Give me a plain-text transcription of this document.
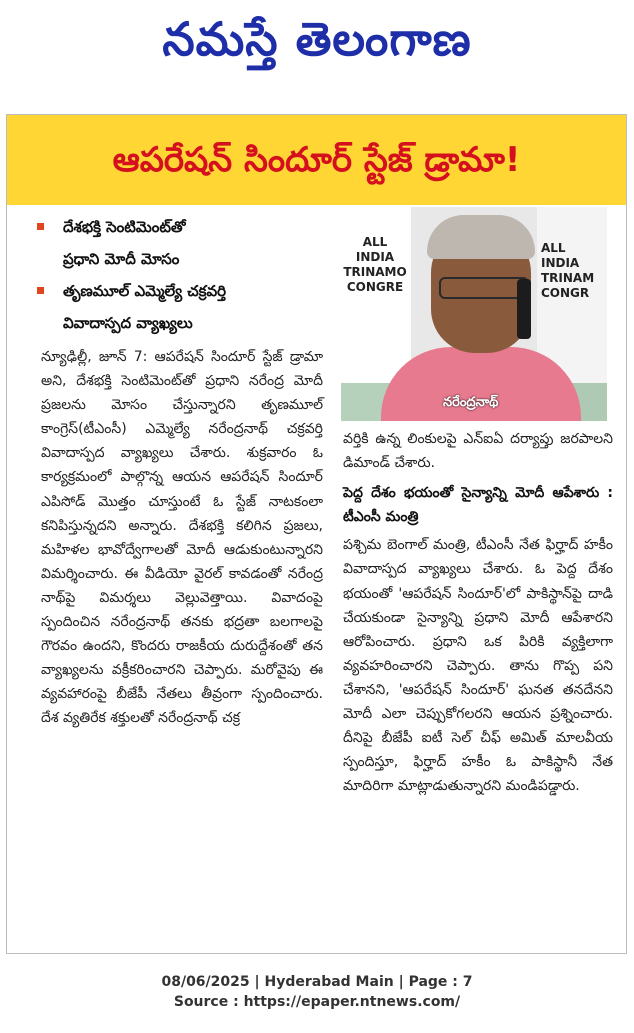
నమస్తే తెలంగాణ
ఆపరేషన్ సిందూర్ స్టేజ్ డ్రామా!
దేశభక్తి సెంటిమెంట్‌తో
ప్రధాని మోదీ మోసం
తృణమూల్ ఎమ్మెల్యే చక్రవర్తి
వివాదాస్పద వ్యాఖ్యలు
ALL INDIA TRINAMO CONGRE
ALL INDIA TRINAM CONGR
నరేంద్రనాథ్
న్యూఢిల్లీ, జూన్ 7: ఆపరేషన్ సిందూర్ స్టేజ్ డ్రామా అని, దేశభక్తి సెంటిమెంట్‌తో ప్రధాని నరేంద్ర మోదీ ప్రజలను మోసం చేస్తున్నారని తృణమూల్ కాంగ్రెస్(టీఎంసీ) ఎమ్మెల్యే నరేంద్రనాథ్ చక్రవర్తి వివాదాస్పద వ్యాఖ్యలు చేశారు. శుక్రవారం ఓ కార్యక్రమంలో పాల్గొన్న ఆయన ఆపరేషన్ సిందూర్ ఎపిసోడ్ మొత్తం చూస్తుంటే ఓ స్టేజ్ నాటకంలా కనిపిస్తున్నదని అన్నారు. దేశభక్తి కలిగిన ప్రజలు, మహిళల భావోద్వేగాలతో మోదీ ఆడుకుంటున్నారని విమర్శించారు. ఈ వీడియో వైరల్ కావడంతో నరేంద్ర నాథ్‌పై విమర్శలు వెల్లువెత్తాయి. వివాదంపై స్పందించిన నరేంద్రనాథ్ తనకు భద్రతా బలగాలపై గౌరవం ఉందని, కొందరు రాజకీయ దురుద్దేశంతో తన వ్యాఖ్యలను వక్రీకరించారని చెప్పారు. మరోవైపు ఈ వ్యవహారంపై బీజేపీ నేతలు తీవ్రంగా స్పందించారు. దేశ వ్యతిరేక శక్తులతో నరేంద్రనాథ్ చక్ర
వర్తికి ఉన్న లింకులపై ఎన్ఐఏ దర్యాప్తు జరపాలని డిమాండ్ చేశారు.
పెద్ద దేశం భయంతో సైన్యాన్ని మోదీ ఆపేశారు : టీఎంసీ మంత్రి
పశ్చిమ బెంగాల్ మంత్రి, టీఎంసీ నేత ఫిర్హాద్ హకీం వివాదాస్పద వ్యాఖ్యలు చేశారు. ఓ పెద్ద దేశం భయంతో 'ఆపరేషన్ సిందూర్'లో పాకిస్థాన్‌పై దాడి చేయకుండా సైన్యాన్ని ప్రధాని మోదీ ఆపేశారని ఆరోపించారు. ప్రధాని ఒక పిరికి వ్యక్తిలాగా వ్యవహరించారని చెప్పారు. తాను గొప్ప పని చేశానని, 'ఆపరేషన్ సిందూర్' ఘనత తనదేనని మోదీ ఎలా చెప్పుకోగలరని ఆయన ప్రశ్నించారు. దీనిపై బీజేపీ ఐటీ సెల్ చీఫ్ అమిత్ మాలవీయ స్పందిస్తూ, ఫిర్హాద్ హకీం ఓ పాకిస్థానీ నేత మాదిరిగా మాట్లాడుతున్నారని మండిపడ్డారు.
08/06/2025 | Hyderabad Main | Page : 7
Source : https://epaper.ntnews.com/
